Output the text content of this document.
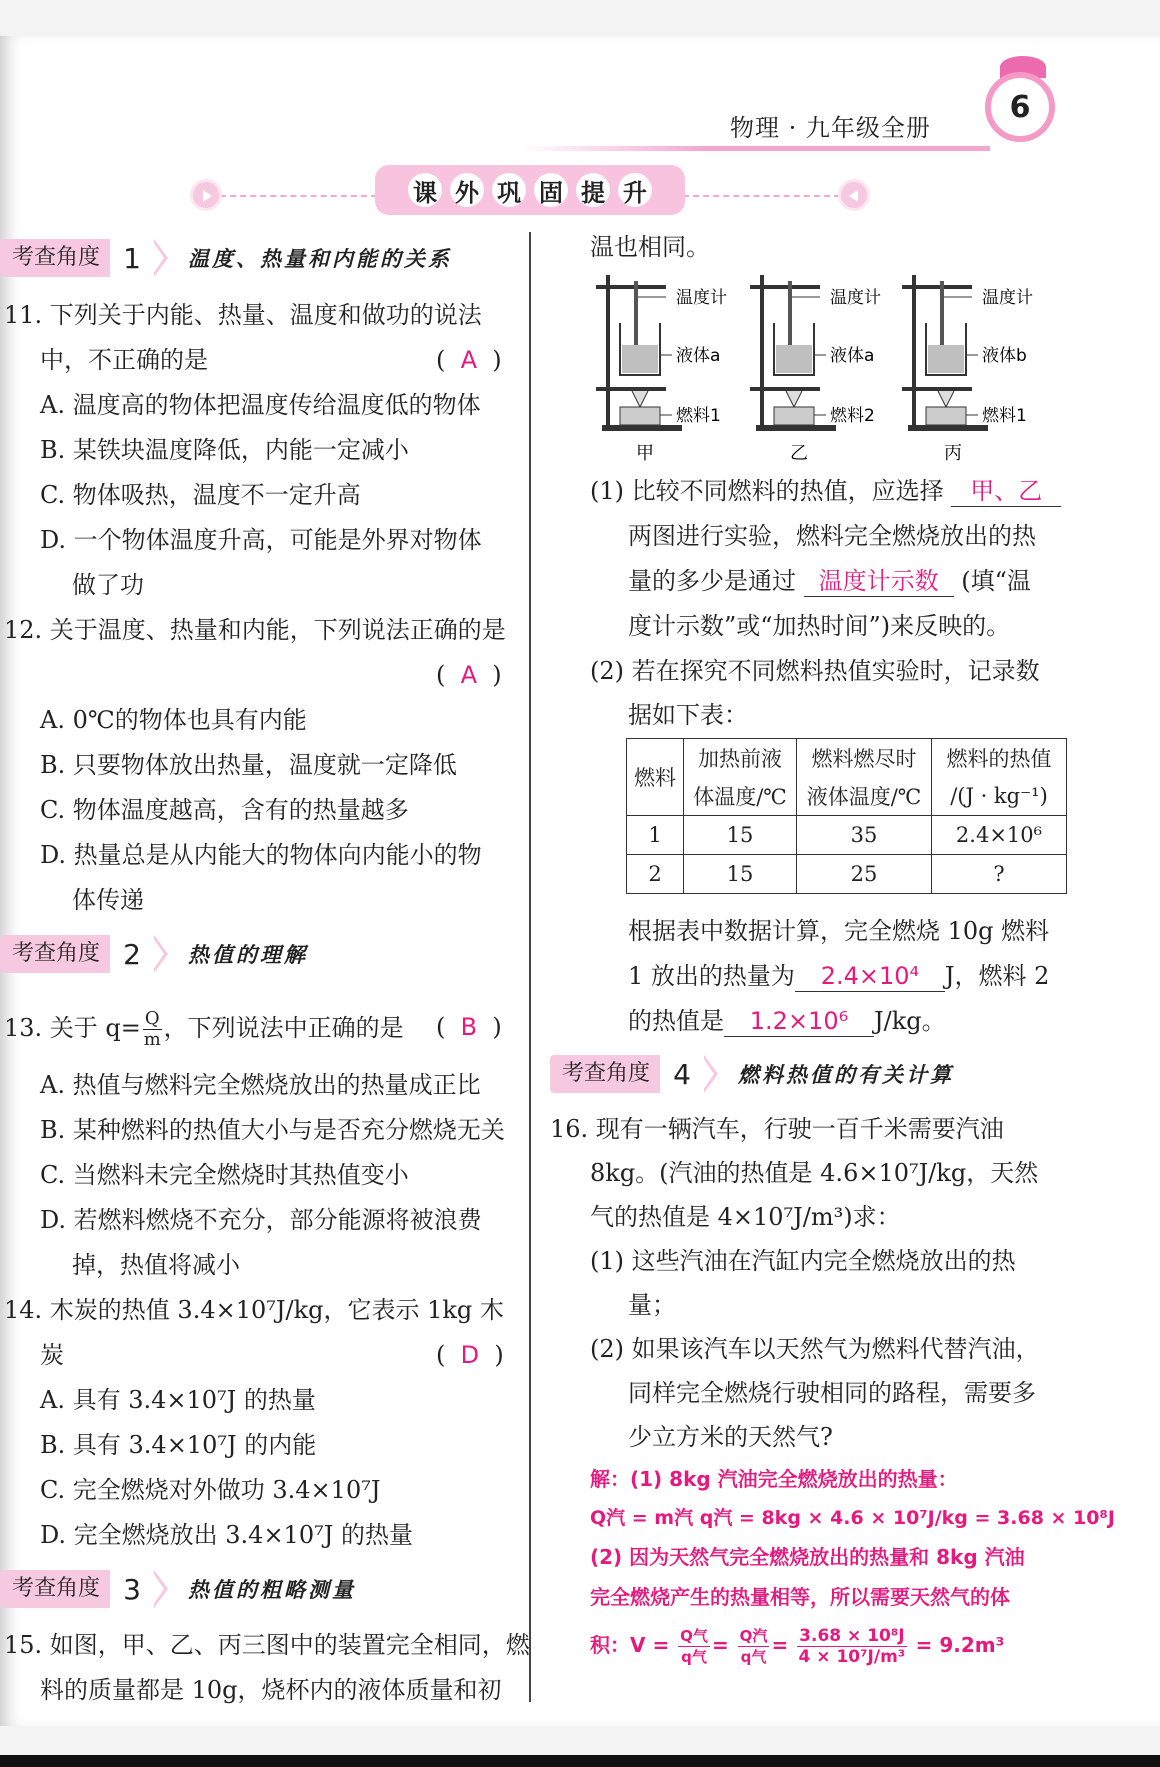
物理 · 九年级全册
6
课 外 巩 固 提 升
考查角度 1	温度、热量和内能的关系
11. 下列关于内能、热量、温度和做功的说法
中，不正确的是	(  A  )
A. 温度高的物体把温度传给温度低的物体
B. 某铁块温度降低，内能一定减小
C. 物体吸热，温度不一定升高
D. 一个物体温度升高，可能是外界对物体
做了功
12. 关于温度、热量和内能，下列说法正确的是
(  A  )
A. 0℃的物体也具有内能
B. 只要物体放出热量，温度就一定降低
C. 物体温度越高，含有的热量越多
D. 热量总是从内能大的物体向内能小的物
体传递
考查角度 2	热值的理解
13. 关于 $q= \frac{Q}{m}$ ，下列说法中正确的是 (  B  )
A. 热值与燃料完全燃烧放出的热量成正比
B. 某种燃料的热值大小与是否充分燃烧无关
C. 当燃料未完全燃烧时其热值变小
D. 若燃料燃烧不充分，部分能源将被浪费
掉，热值将减小
14. 木炭的热值 3.4×10⁷J/kg，它表示 1kg 木
炭	(  D  )
A. 具有 3.4×10⁷J 的热量
B. 具有 3.4×10⁷J 的内能
C. 完全燃烧对外做功 3.4×10⁷J
D. 完全燃烧放出 3.4×10⁷J 的热量
考查角度 3	热值的粗略测量
15. 如图，甲、乙、丙三图中的装置完全相同，燃
料的质量都是 10g，烧杯内的液体质量和初
温也相同。
温度计
液体a
燃料1
甲
温度计
液体a
燃料2
乙
温度计
液体b
燃料1
丙
(1) 比较不同燃料的热值，应选择 甲、乙
两图进行实验，燃料完全燃烧放出的热
量的多少是通过 温度计示数 (填“温
度计示数”或“加热时间”)来反映的。
(2) 若在探究不同燃料热值实验时，记录数
据如下表：
燃料	加热前液	燃料燃尽时	燃料的热值
	体温度/℃	液体温度/℃	/(J · kg⁻¹)
1	15	35	2.4×10⁶
2	15	25	?
根据表中数据计算，完全燃烧 10g 燃料
1 放出的热量为 2.4×10⁴ J，燃料 2
的热值是 1.2×10⁶ J/kg。
考查角度 4	燃料热值的有关计算
16. 现有一辆汽车，行驶一百千米需要汽油
8kg。(汽油的热值是 4.6×10⁷J/kg，天然
气的热值是 4×10⁷J/m³)求：
(1) 这些汽油在汽缸内完全燃烧放出的热
量；
(2) 如果该汽车以天然气为燃料代替汽油，
同样完全燃烧行驶相同的路程，需要多
少立方米的天然气?
解：(1) 8kg 汽油完全燃烧放出的热量：
Q汽 = m汽 q汽 = 8kg × 4.6 × 10⁷J/kg = 3.68 × 10⁸J
(2) 因为天然气完全燃烧放出的热量和 8kg 汽油
完全燃烧产生的热量相等，所以需要天然气的体
积：$V = \frac{\text{Q气}}{\text{q气}} = \frac{\text{Q汽}}{\text{q气}} = \frac{\text{3.68 × 10⁸J}}{\text{4 × 10⁷J/m³}} = 9.2m^3$
